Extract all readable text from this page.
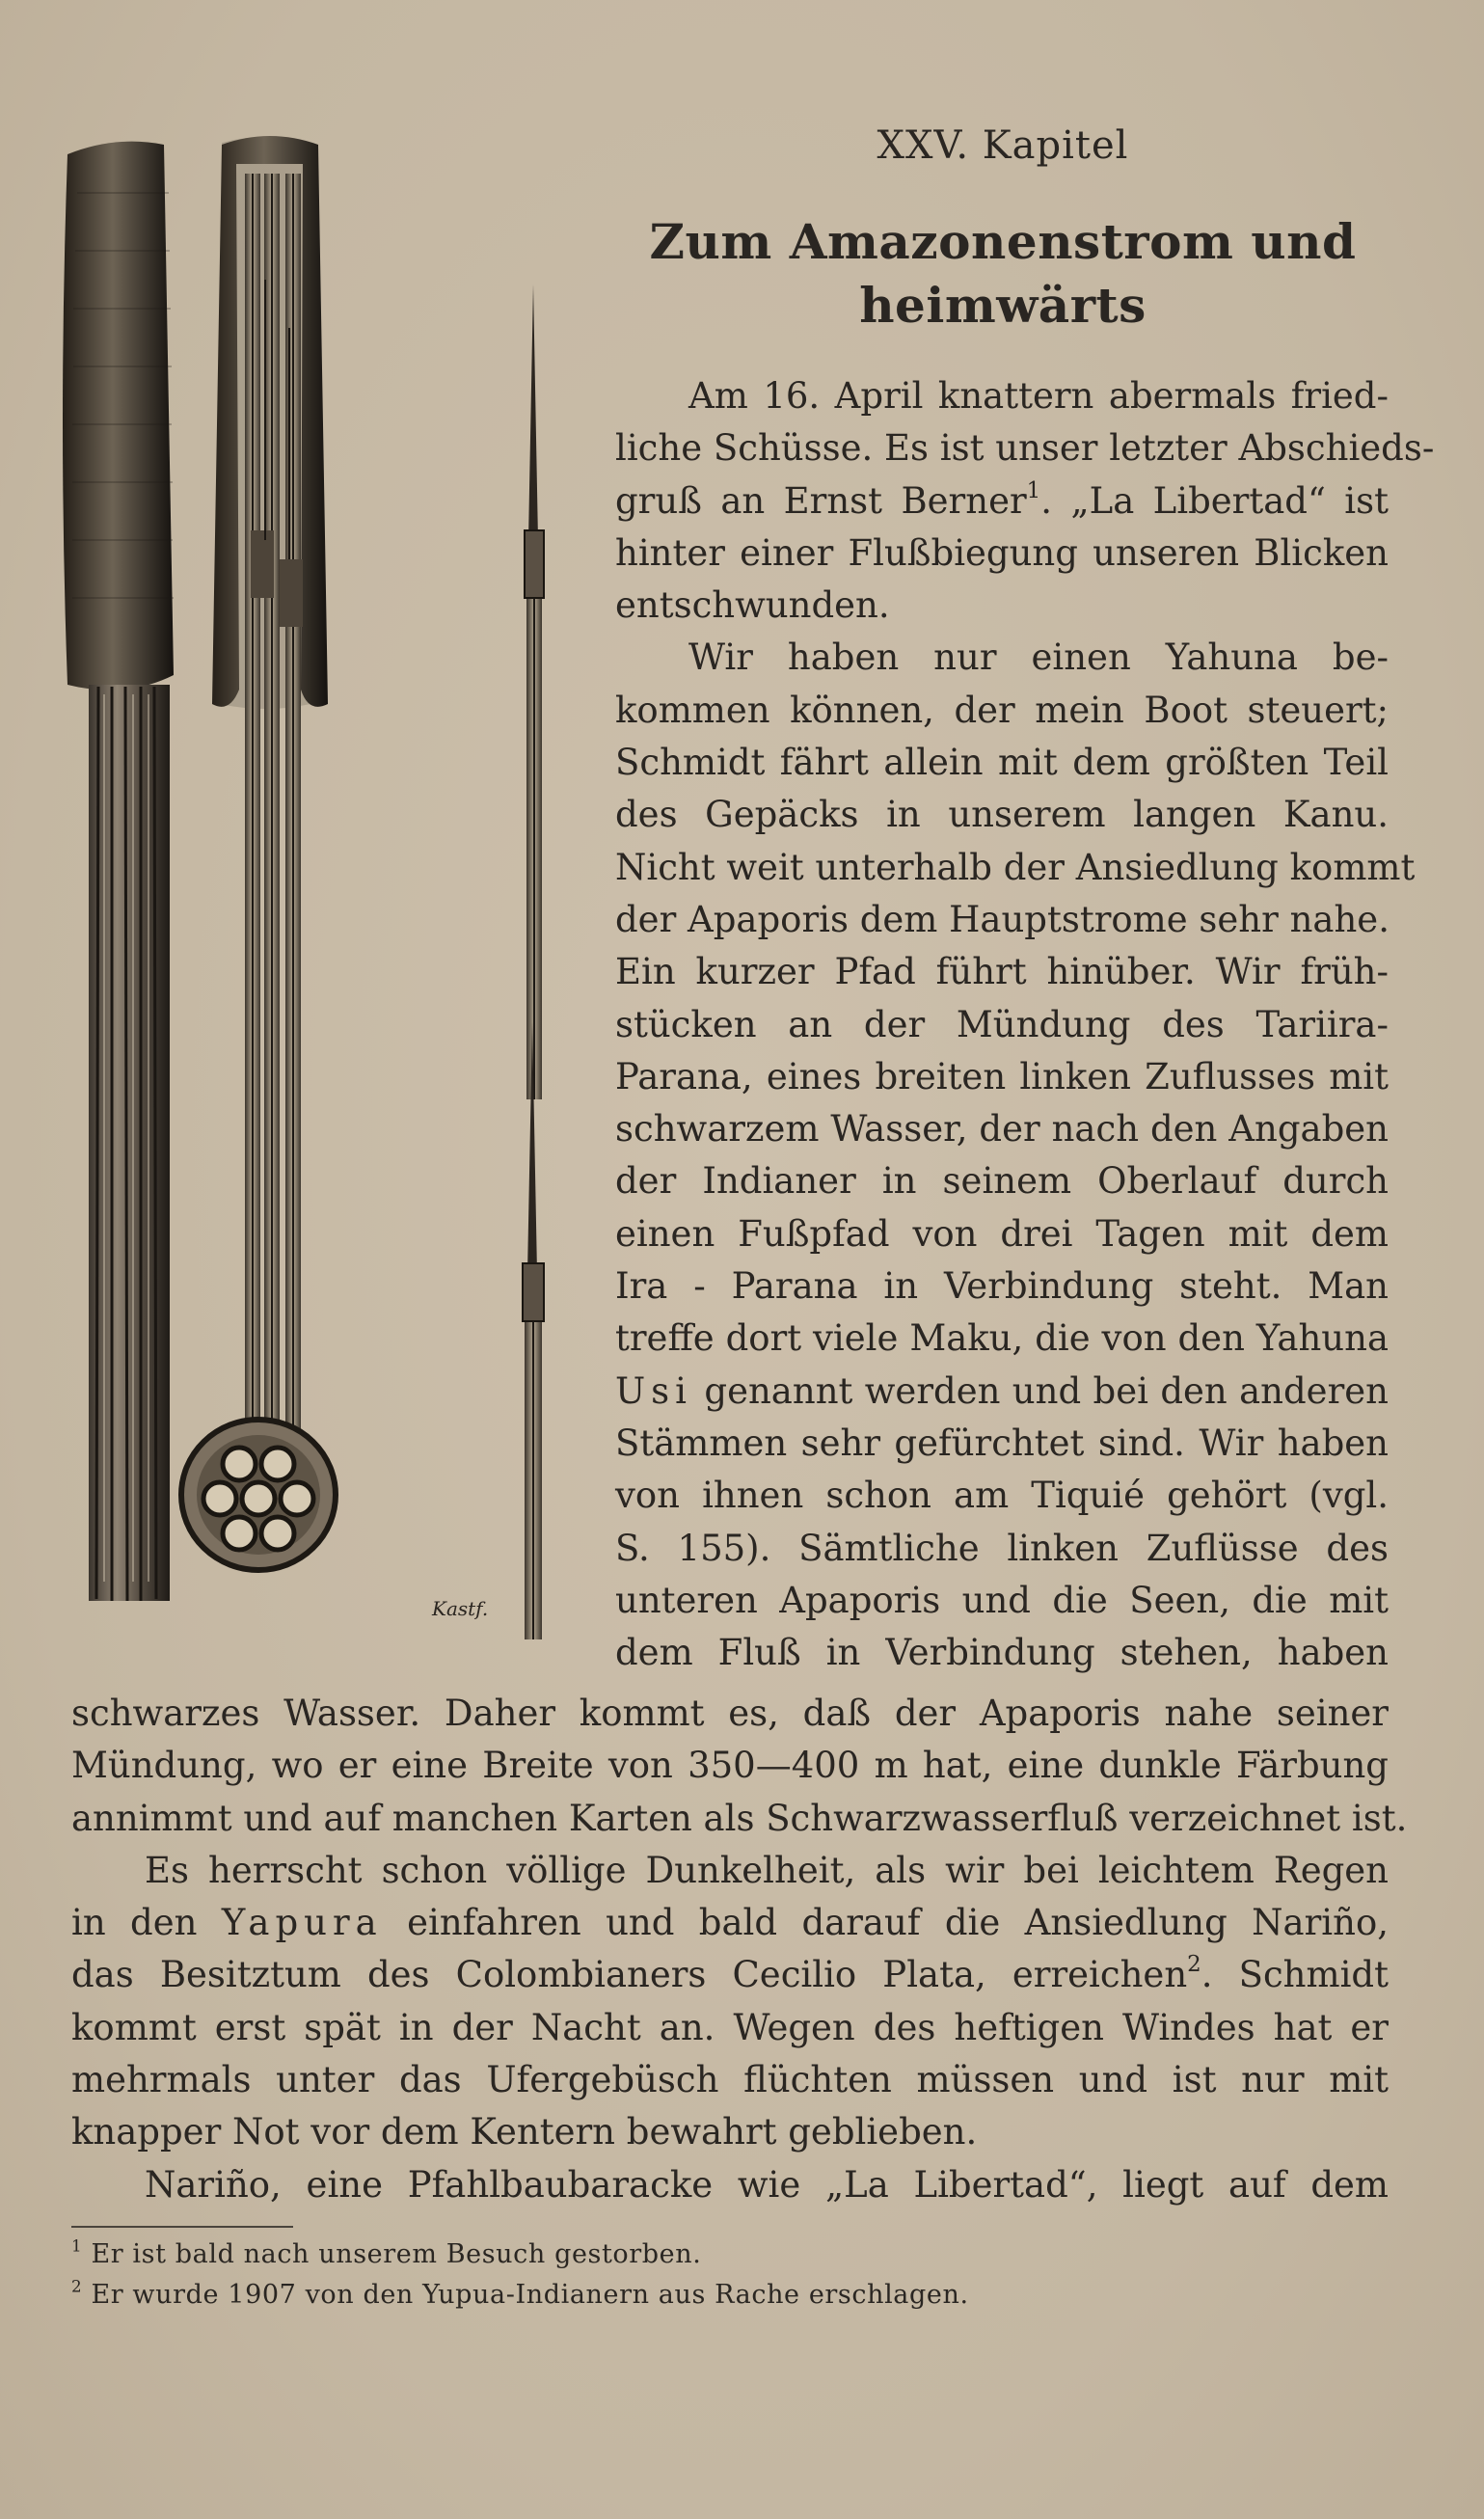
Kastf.
XXV. Kapitel
Zum Amazonenstrom und
heimwärts
Am 16. April knattern abermals fried-
liche Schüsse. Es ist unser letzter Abschieds-
gruß an Ernst Berner$^1$. „La Libertad“ ist
hinter einer Flußbiegung unseren Blicken
entschwunden.
Wir haben nur einen Yahuna be-
kommen können, der mein Boot steuert;
Schmidt fährt allein mit dem größten Teil
des Gepäcks in unserem langen Kanu.
Nicht weit unterhalb der Ansiedlung kommt
der Apaporis dem Hauptstrome sehr nahe.
Ein kurzer Pfad führt hinüber. Wir früh-
stücken an der Mündung des Tariira-
Parana, eines breiten linken Zuflusses mit
schwarzem Wasser, der nach den Angaben
der Indianer in seinem Oberlauf durch
einen Fußpfad von drei Tagen mit dem
Ira - Parana in Verbindung steht. Man
treffe dort viele Maku, die von den Yahuna
Usi genannt werden und bei den anderen
Stämmen sehr gefürchtet sind. Wir haben
von ihnen schon am Tiquié gehört (vgl.
S. 155). Sämtliche linken Zuflüsse des
unteren Apaporis und die Seen, die mit
dem Fluß in Verbindung stehen, haben
schwarzes Wasser. Daher kommt es, daß der Apaporis nahe seiner
Mündung, wo er eine Breite von 350—400 m hat, eine dunkle Färbung
annimmt und auf manchen Karten als Schwarzwasserfluß verzeichnet ist.
Es herrscht schon völlige Dunkelheit, als wir bei leichtem Regen
in den Yapura einfahren und bald darauf die Ansiedlung Nariño,
das Besitztum des Colombianers Cecilio Plata, erreichen$^2$. Schmidt
kommt erst spät in der Nacht an. Wegen des heftigen Windes hat er
mehrmals unter das Ufergebüsch flüchten müssen und ist nur mit
knapper Not vor dem Kentern bewahrt geblieben.
Nariño, eine Pfahlbaubaracke wie „La Libertad“, liegt auf dem
$^1$ Er ist bald nach unserem Besuch gestorben.
$^2$ Er wurde 1907 von den Yupua-Indianern aus Rache erschlagen.
